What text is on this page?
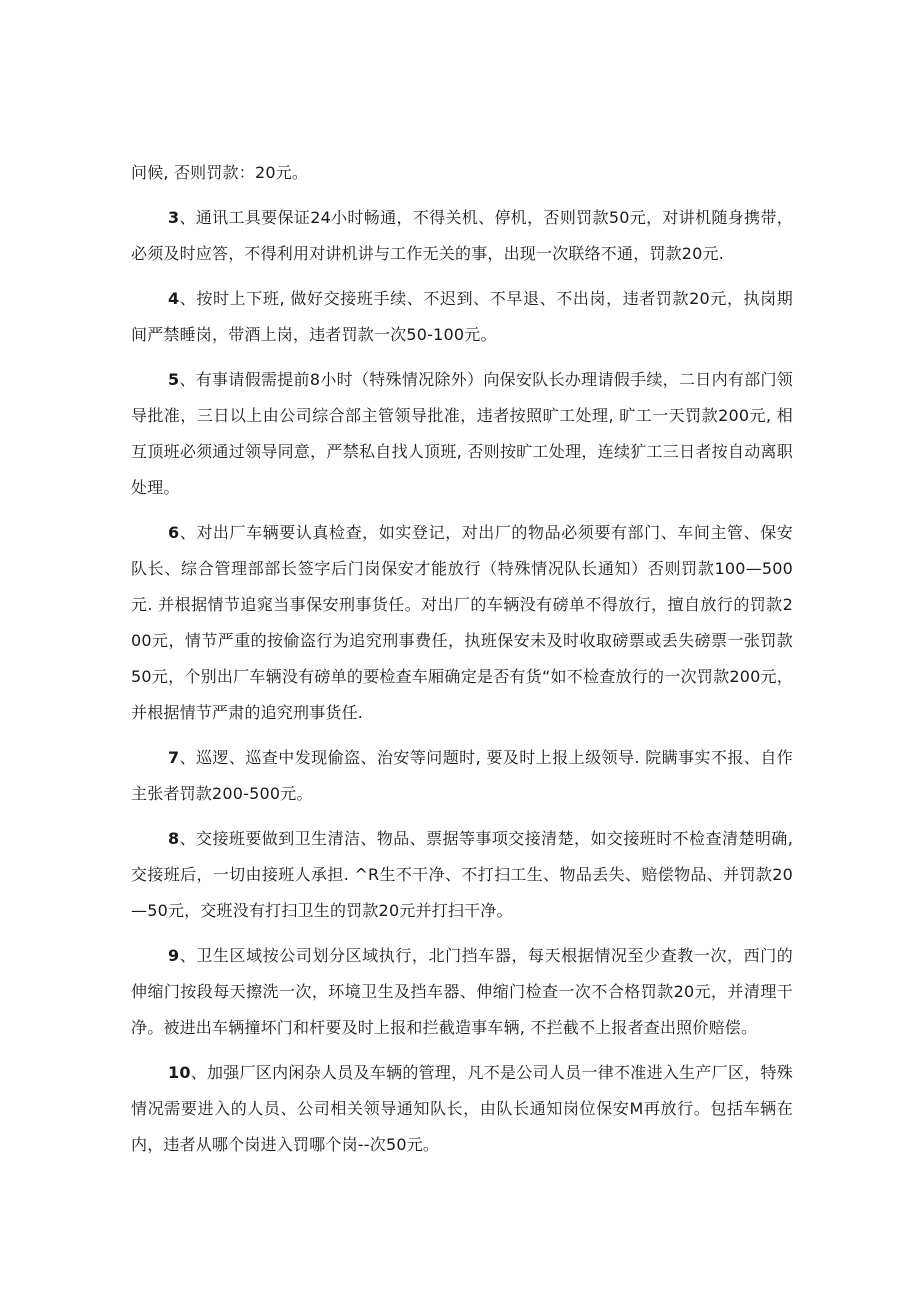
问候, 否则罚款：20元。

3、通讯工具要保证24小时畅通，不得关机、停机，否则罚款50元，对讲机随身携带，必须及时应答，不得利用对讲机讲与工作无关的事，出现一次联络不通，罚款20元.

4、按时上下班, 做好交接班手续、不迟到、不早退、不出岗，违者罚款20元，执岗期间严禁睡岗，带酒上岗，违者罚款一次50-100元。

5、有事请假需提前8小时（特殊情况除外）向保安队长办理请假手续，二日内有部门领导批准，三日以上由公司综合部主管领导批准，违者按照旷工处理, 旷工一天罚款200元, 相互顶班必须通过领导同意，严禁私自找人顶班, 否则按旷工处理，连续犷工三日者按自动离职处理。

6、对出厂车辆要认真检查，如实登记，对出厂的物品必须要有部门、车间主管、保安队长、综合管理部部长签字后门岗保安才能放行（特殊情况队长通知）否则罚款100—500元. 并根据情节追窕当事保安刑事货任。对出厂的车辆没有磅单不得放行，擅自放行的罚款200元，情节严重的按偷盗行为追究刑事费任，执班保安未及时收取磅票或丢失磅票一张罚款50元，个别出厂车辆没有磅单的要检查车厢确定是否有货“如不检查放行的一次罚款200元，并根据情节严肃的追究刑事货任.

7、巡逻、巡查中发现偷盗、治安等问题时, 要及时上报上级领导. 院瞒事实不报、自作主张者罚款200-500元。

8、交接班要做到卫生清洁、物品、票据等事项交接清楚，如交接班时不检查清楚明确, 交接班后，一切由接班人承担. ^R生不干净、不打扫工生、物品丢失、赔偿物品、并罚款20—50元，交班没有打扫卫生的罚款20元并打扫干净。

9、卫生区域按公司划分区域执行，北门挡车器，每天根据情况至少查教一次，西门的伸缩门按段每天擦洗一次，环境卫生及挡车器、伸缩门检查一次不合格罚款20元，并清理干净。被进出车辆撞坏门和杆要及时上报和拦截造事车辆, 不拦截不上报者查出照价赔偿。

10、加强厂区内闲杂人员及车辆的管理，凡不是公司人员一律不准进入生产厂区，特殊情况需要进入的人员、公司相关领导通知队长，由队长通知岗位保安M再放行。包括车辆在内，违者从哪个岗进入罚哪个岗--次50元。
